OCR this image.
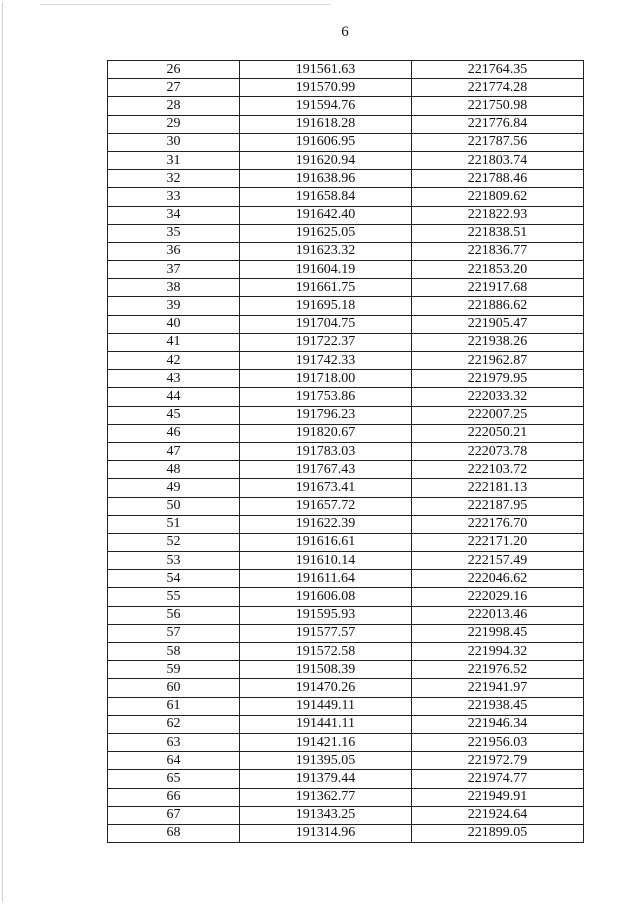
6
26	191561.63	221764.35
27	191570.99	221774.28
28	191594.76	221750.98
29	191618.28	221776.84
30	191606.95	221787.56
31	191620.94	221803.74
32	191638.96	221788.46
33	191658.84	221809.62
34	191642.40	221822.93
35	191625.05	221838.51
36	191623.32	221836.77
37	191604.19	221853.20
38	191661.75	221917.68
39	191695.18	221886.62
40	191704.75	221905.47
41	191722.37	221938.26
42	191742.33	221962.87
43	191718.00	221979.95
44	191753.86	222033.32
45	191796.23	222007.25
46	191820.67	222050.21
47	191783.03	222073.78
48	191767.43	222103.72
49	191673.41	222181.13
50	191657.72	222187.95
51	191622.39	222176.70
52	191616.61	222171.20
53	191610.14	222157.49
54	191611.64	222046.62
55	191606.08	222029.16
56	191595.93	222013.46
57	191577.57	221998.45
58	191572.58	221994.32
59	191508.39	221976.52
60	191470.26	221941.97
61	191449.11	221938.45
62	191441.11	221946.34
63	191421.16	221956.03
64	191395.05	221972.79
65	191379.44	221974.77
66	191362.77	221949.91
67	191343.25	221924.64
68	191314.96	221899.05
